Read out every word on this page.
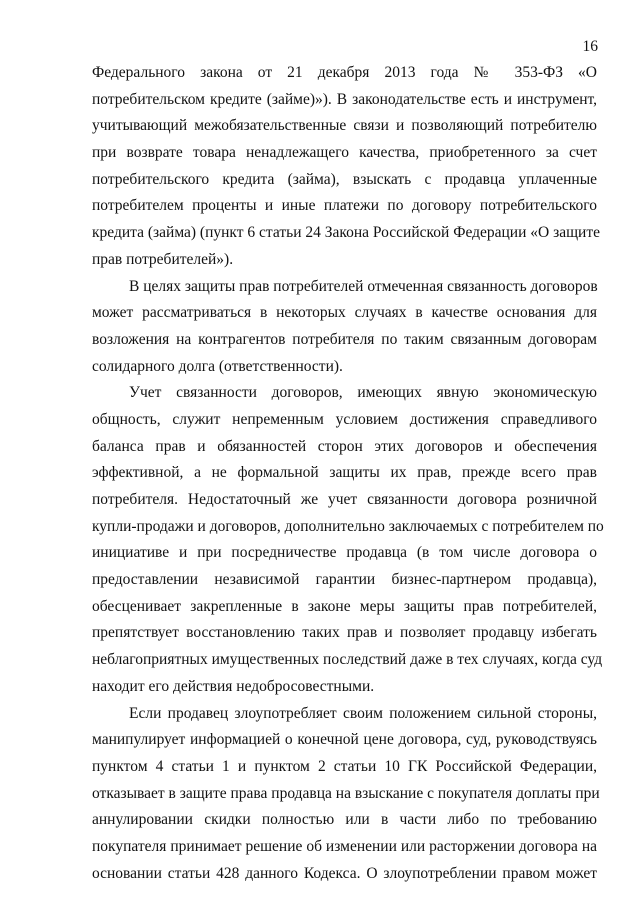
16

Федерального закона от 21 декабря 2013 года № 353-ФЗ «О
потребительском кредите (займе)»). В законодательстве есть и инструмент,
учитывающий межобязательственные связи и позволяющий потребителю
при возврате товара ненадлежащего качества, приобретенного за счет
потребительского кредита (займа), взыскать с продавца уплаченные
потребителем проценты и иные платежи по договору потребительского
кредита (займа) (пункт 6 статьи 24 Закона Российской Федерации «О защите
прав потребителей»).

В целях защиты прав потребителей отмеченная связанность договоров
может рассматриваться в некоторых случаях в качестве основания для
возложения на контрагентов потребителя по таким связанным договорам
солидарного долга (ответственности).

Учет связанности договоров, имеющих явную экономическую
общность, служит непременным условием достижения справедливого
баланса прав и обязанностей сторон этих договоров и обеспечения
эффективной, а не формальной защиты их прав, прежде всего прав
потребителя. Недостаточный же учет связанности договора розничной
купли-продажи и договоров, дополнительно заключаемых с потребителем по
инициативе и при посредничестве продавца (в том числе договора о
предоставлении независимой гарантии бизнес-партнером продавца),
обесценивает закрепленные в законе меры защиты прав потребителей,
препятствует восстановлению таких прав и позволяет продавцу избегать
неблагоприятных имущественных последствий даже в тех случаях, когда суд
находит его действия недобросовестными.

Если продавец злоупотребляет своим положением сильной стороны,
манипулирует информацией о конечной цене договора, суд, руководствуясь
пунктом 4 статьи 1 и пунктом 2 статьи 10 ГК Российской Федерации,
отказывает в защите права продавца на взыскание с покупателя доплаты при
аннулировании скидки полностью или в части либо по требованию
покупателя принимает решение об изменении или расторжении договора на
основании статьи 428 данного Кодекса. О злоупотреблении правом может
